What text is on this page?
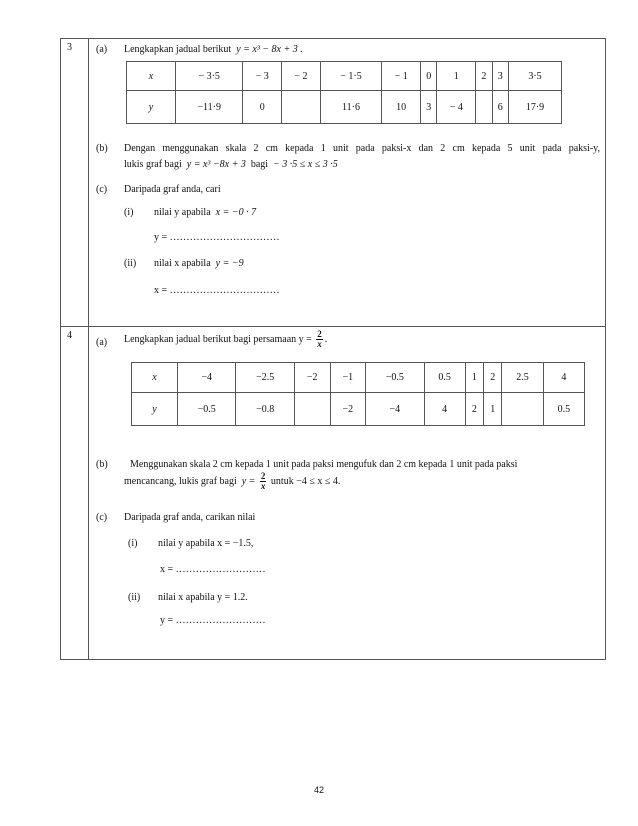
3 (a) Lengkapkan jadual berikut y = x³ − 8x + 3 .
x	− 3·5	− 3	− 2	− 1·5	− 1	0	1	2	3	3·5
y	−11·9	0		11·6	10	3	− 4		6	17·9
(b) Dengan menggunakan skala 2 cm kepada 1 unit pada paksi-x dan 2 cm kepada 5 unit pada paksi-y,
lukis graf bagi y = x³ −8x + 3 bagi − 3 ·5 ≤ x ≤ 3 ·5
(c) Daripada graf anda, cari
(i) nilai y apabila x = −0 · 7
y = ……………………………
(ii) nilai x apabila y = −9
x = ……………………………
4
(a) Lengkapkan jadual berikut bagi persamaan $y = \frac{2}{x}$ .
x	−4	−2.5	−2	−1	−0.5	0.5	1	2	2.5	4
y	−0.5	−0.8		−2	−4	4	2	1		0.5
(b) Menggunakan skala 2 cm kepada 1 unit pada paksi mengufuk dan 2 cm kepada 1 unit pada paksi
mencancang, lukis graf bagi $y = \frac{2}{x}$ untuk −4 ≤ x ≤ 4.
(c) Daripada graf anda, carikan nilai
(i) nilai y apabila x = −1.5,
x = ………………………
(ii) nilai x apabila y = 1.2.
y = ………………………
42
